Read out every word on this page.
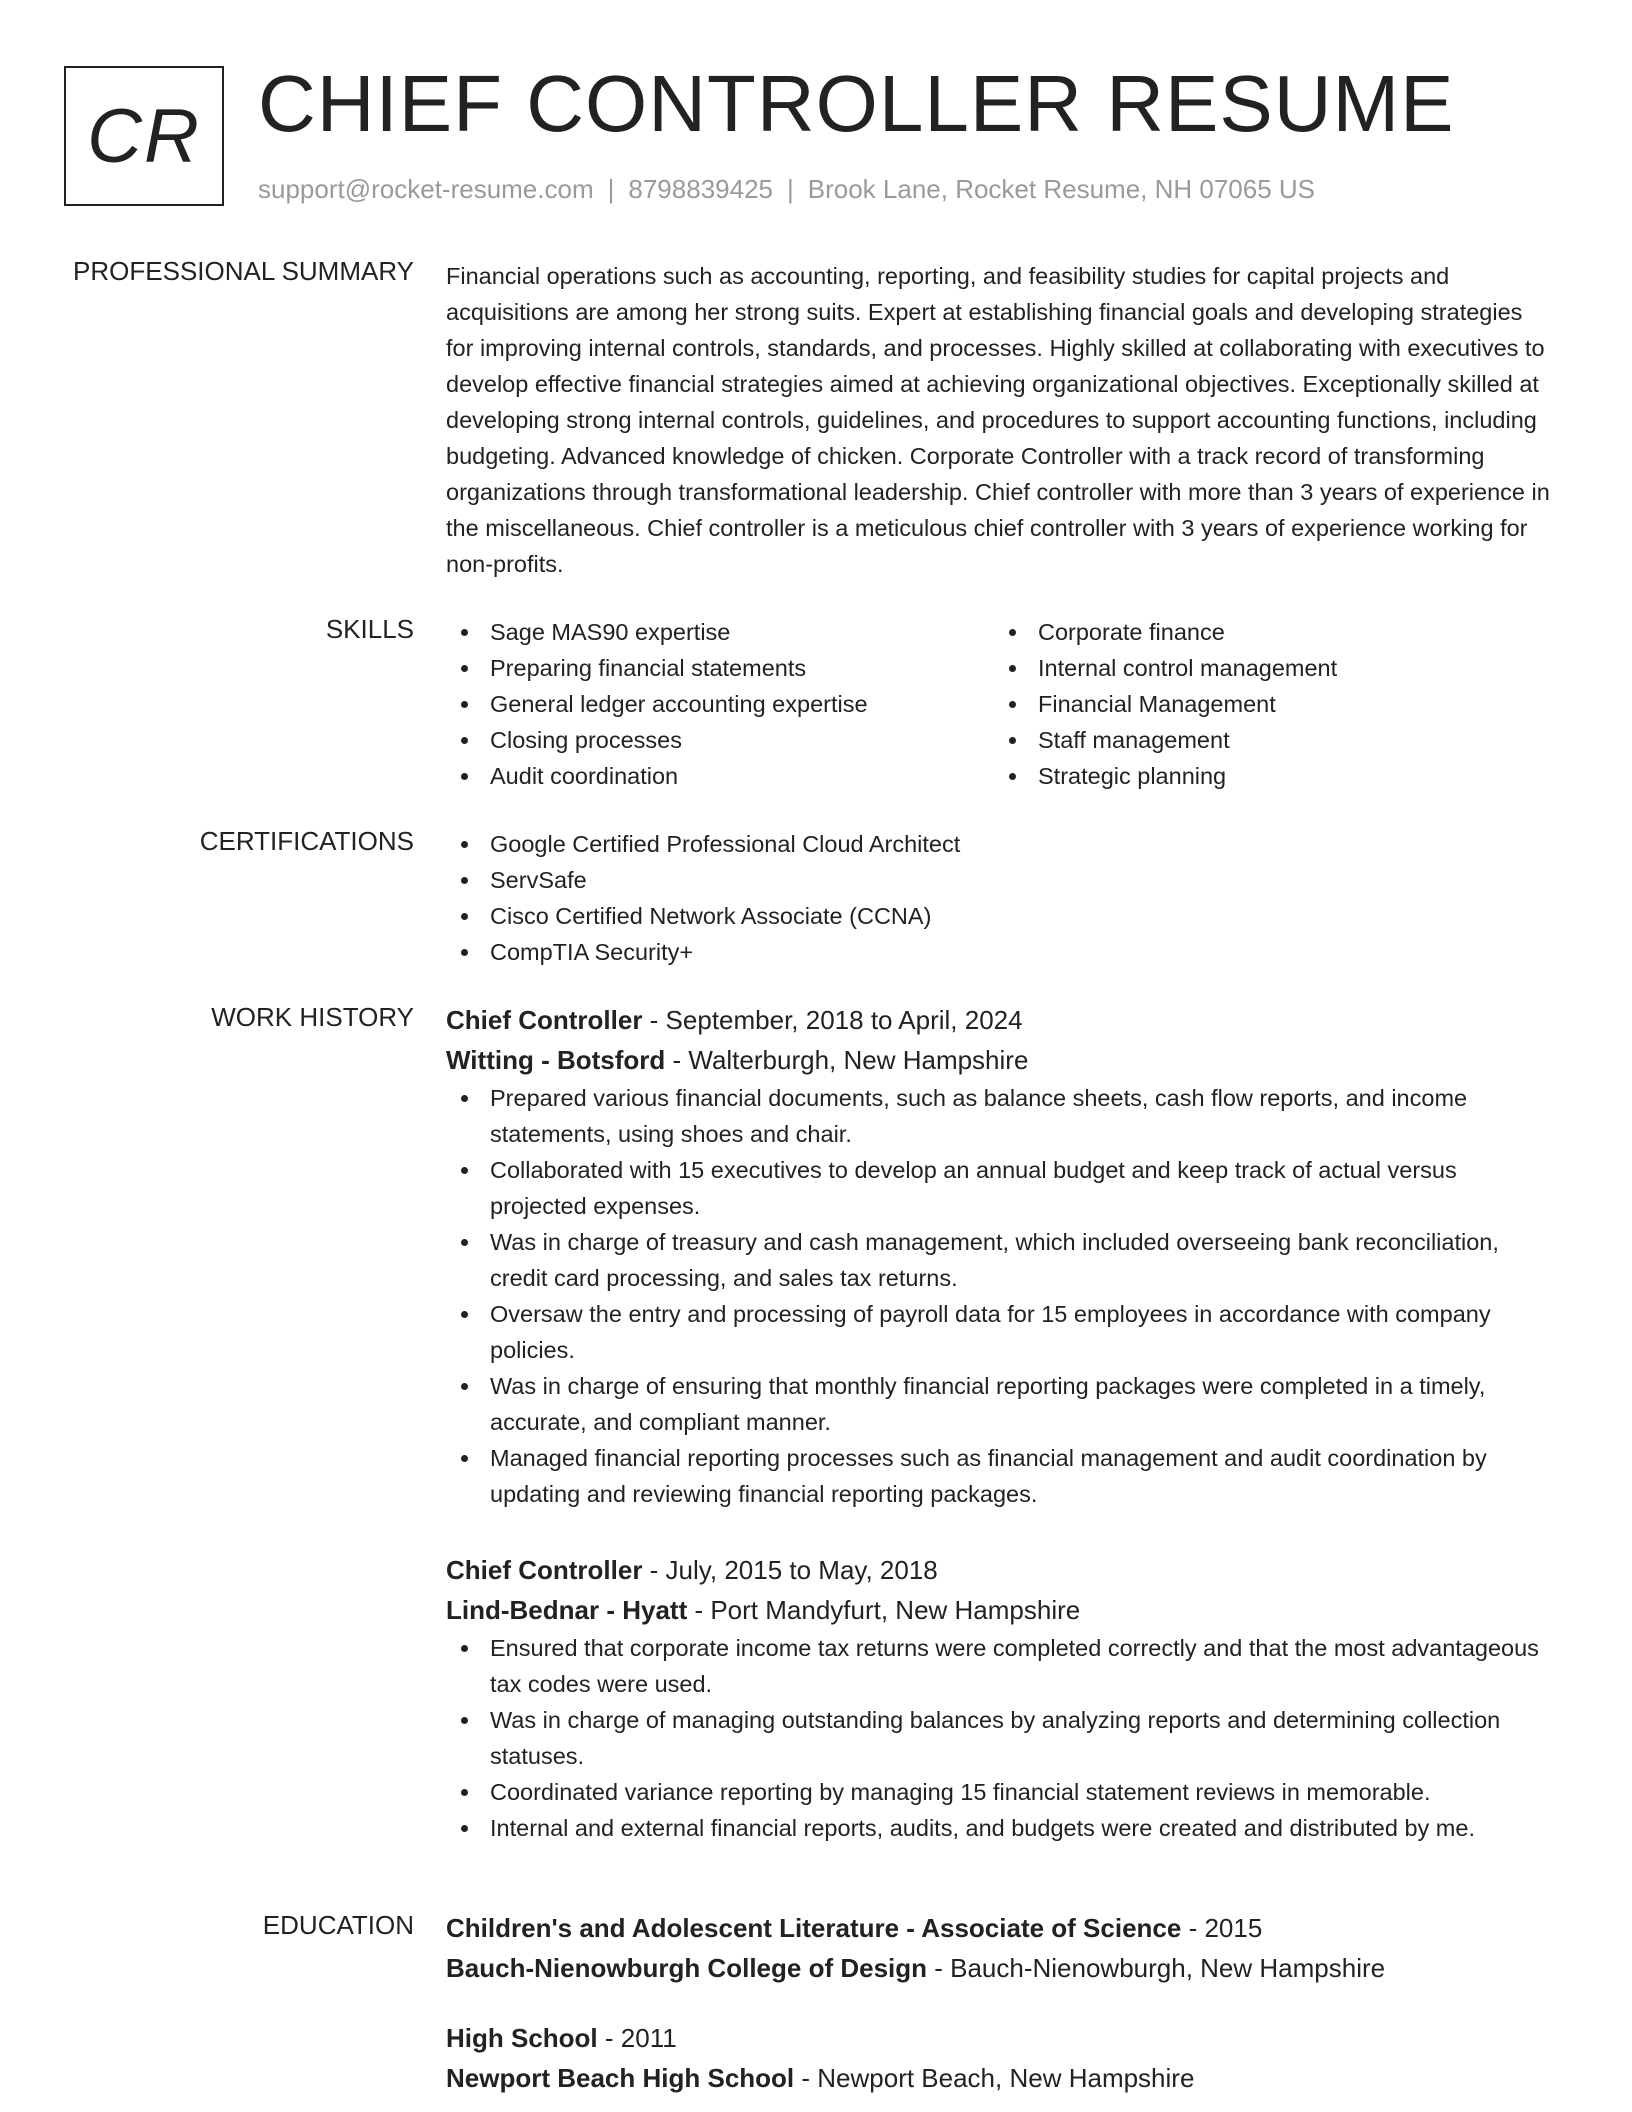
CR CHIEF CONTROLLER RESUME
support@rocket-resume.com | 8798839425 | Brook Lane, Rocket Resume, NH 07065 US
PROFESSIONAL SUMMARY Financial operations such as accounting, reporting, and feasibility studies for capital projects and acquisitions are among her strong suits. Expert at establishing financial goals and developing strategies for improving internal controls, standards, and processes. Highly skilled at collaborating with executives to develop effective financial strategies aimed at achieving organizational objectives. Exceptionally skilled at developing strong internal controls, guidelines, and procedures to support accounting functions, including budgeting. Advanced knowledge of chicken. Corporate Controller with a track record of transforming organizations through transformational leadership. Chief controller with more than 3 years of experience in the miscellaneous. Chief controller is a meticulous chief controller with 3 years of experience working for non-profits.

SKILLS	Sage MAS90 expertise
Preparing financial statements
General ledger accounting expertise
Closing processes
Audit coordination
Corporate finance
Internal control management
Financial Management
Staff management
Strategic planning
CERTIFICATIONS	Google Certified Professional Cloud Architect
ServSafe
Cisco Certified Network Associate (CCNA)
CompTIA Security+
WORK HISTORY Chief Controller - September, 2018 to April, 2024
Witting - Botsford - Walterburgh, New Hampshire
Prepared various financial documents, such as balance sheets, cash flow reports, and income statements, using shoes and chair.
Collaborated with 15 executives to develop an annual budget and keep track of actual versus projected expenses.
Was in charge of treasury and cash management, which included overseeing bank reconciliation, credit card processing, and sales tax returns.
Oversaw the entry and processing of payroll data for 15 employees in accordance with company policies.
Was in charge of ensuring that monthly financial reporting packages were completed in a timely, accurate, and compliant manner.
Managed financial reporting processes such as financial management and audit coordination by updating and reviewing financial reporting packages.
Chief Controller - July, 2015 to May, 2018
Lind-Bednar - Hyatt - Port Mandyfurt, New Hampshire
Ensured that corporate income tax returns were completed correctly and that the most advantageous tax codes were used.
Was in charge of managing outstanding balances by analyzing reports and determining collection statuses.
Coordinated variance reporting by managing 15 financial statement reviews in memorable.
Internal and external financial reports, audits, and budgets were created and distributed by me.
EDUCATION Children's and Adolescent Literature - Associate of Science - 2015
Bauch-Nienowburgh College of Design - Bauch-Nienowburgh, New Hampshire
High School - 2011
Newport Beach High School - Newport Beach, New Hampshire
